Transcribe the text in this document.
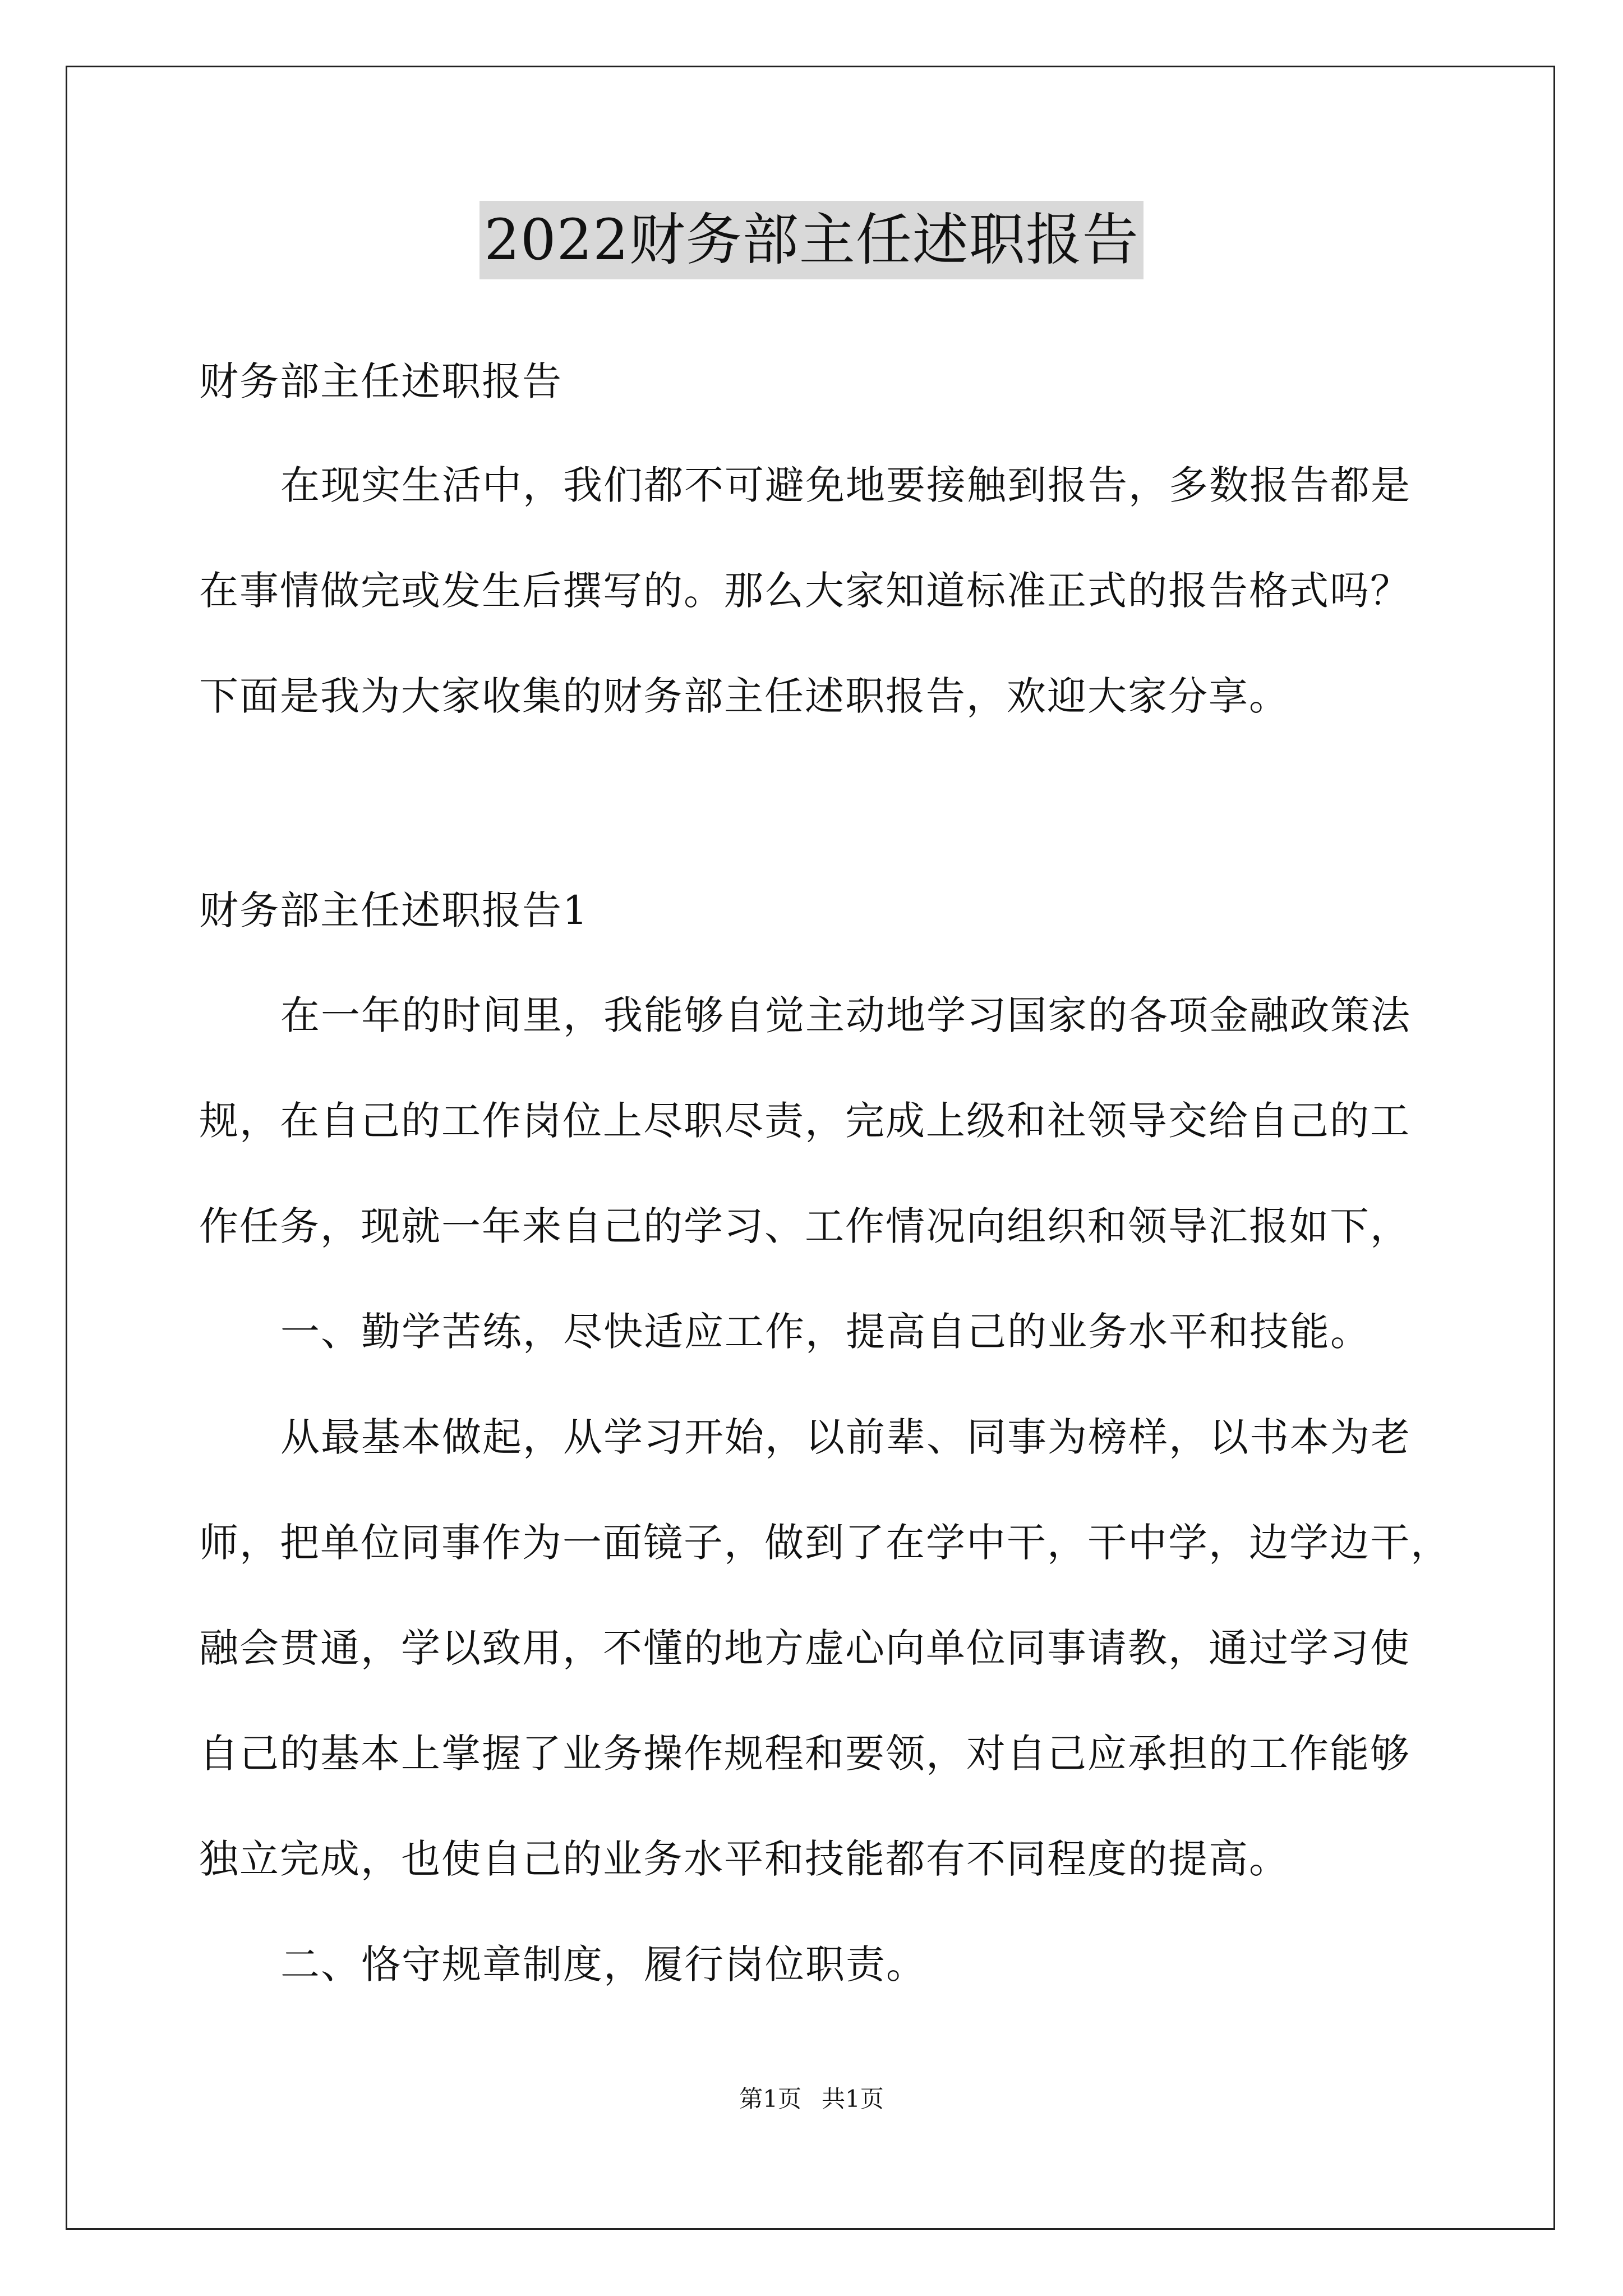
2022财务部主任述职报告
财务部主任述职报告
在现实生活中，我们都不可避免地要接触到报告，多数报告都是
在事情做完或发生后撰写的。那么大家知道标准正式的报告格式吗？
下面是我为大家收集的财务部主任述职报告，欢迎大家分享。
财务部主任述职报告1
在一年的时间里，我能够自觉主动地学习国家的各项金融政策法
规，在自己的工作岗位上尽职尽责，完成上级和社领导交给自己的工
作任务，现就一年来自己的学习、工作情况向组织和领导汇报如下，
一、勤学苦练，尽快适应工作，提高自己的业务水平和技能。
从最基本做起，从学习开始，以前辈、同事为榜样，以书本为老
师，把单位同事作为一面镜子，做到了在学中干，干中学，边学边干，
融会贯通，学以致用，不懂的地方虚心向单位同事请教，通过学习使
自己的基本上掌握了业务操作规程和要领，对自己应承担的工作能够
独立完成，也使自己的业务水平和技能都有不同程度的提高。
二、恪守规章制度，履行岗位职责。
第1页 共1页
